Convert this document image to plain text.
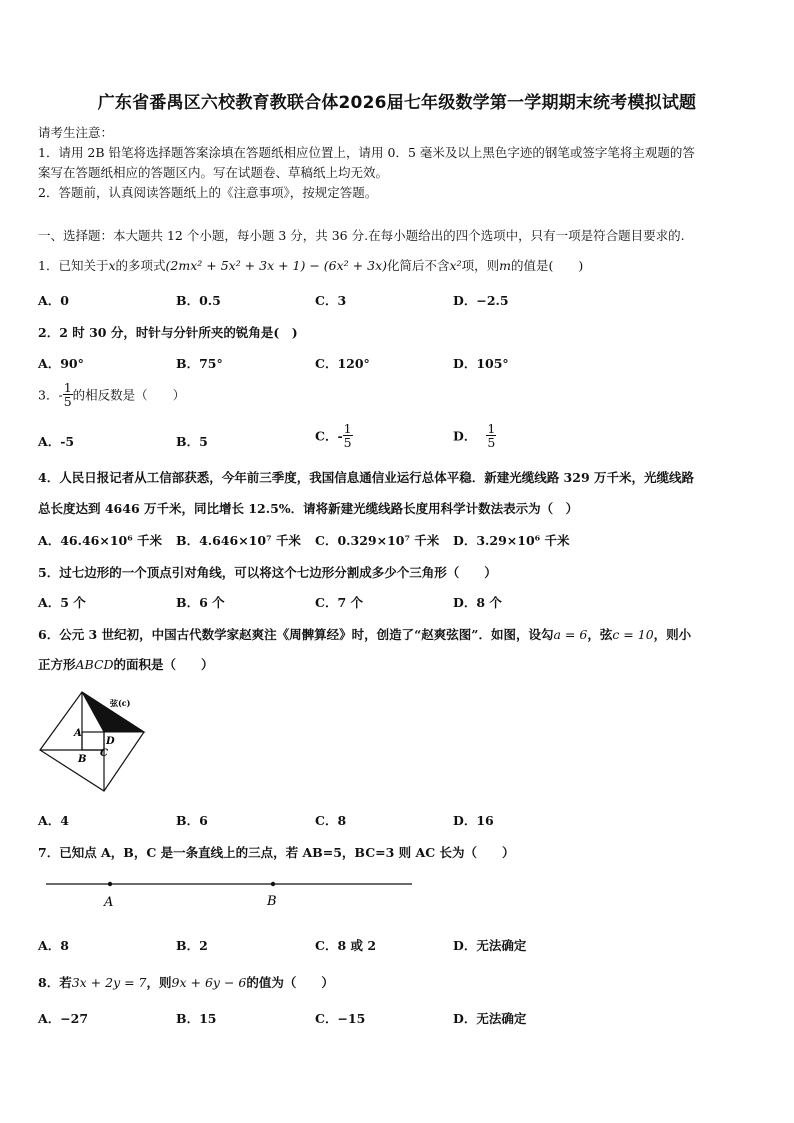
广东省番禺区六校教育教联合体2026届七年级数学第一学期期末统考模拟试题
请考生注意：
1．请用 2B 铅笔将选择题答案涂填在答题纸相应位置上，请用 0．5 毫米及以上黑色字迹的钢笔或签字笔将主观题的答
案写在答题纸相应的答题区内。写在试题卷、草稿纸上均无效。
2．答题前，认真阅读答题纸上的《注意事项》，按规定答题。
一、选择题：本大题共 12 个小题，每小题 3 分，共 36 分.在每小题给出的四个选项中，只有一项是符合题目要求的.
1．已知关于x的多项式(2mx² + 5x² + 3x + 1) − (6x² + 3x)化简后不含x²项，则m的值是(　　)
A．0	B．0.5	C．3	D．−2.5
2．2 时 30 分，时针与分针所夹的锐角是(　)
A．90°	B．75°	C．120°	D．105°
3．- $\frac{1}{5}$ 的相反数是（　　）
A．-5	B．5	C．- $\frac{1}{5}$	D． $\frac{1}{5}$
4．人民日报记者从工信部获悉，今年前三季度，我国信息通信业运行总体平稳．新建光缆线路 329 万千米，光缆线路
总长度达到 4646 万千米，同比增长 12.5%．请将新建光缆线路长度用科学计数法表示为（　）
A．46.46×10⁶ 千米 B．4.646×10⁷ 千米 C．0.329×10⁷ 千米 D．3.29×10⁶ 千米
5．过七边形的一个顶点引对角线，可以将这个七边形分割成多少个三角形（　　）
A．5 个	B．6 个	C．7 个	D．8 个
6．公元 3 世纪初，中国古代数学家赵爽注《周髀算经》时，创造了“赵爽弦图”．如图，设勾a = 6，弦c = 10，则小
正方形ABCD的面积是（　　）
弦(c)
A
D
B
C
A．4	B．6	C．8	D．16
7．已知点 A，B，C 是一条直线上的三点，若 AB=5，BC=3 则 AC 长为（　　）
A	B
A．8	B．2	C．8 或 2	D．无法确定
8．若3x + 2y = 7，则9x + 6y − 6的值为（　　）
A．−27	B．15	C．−15	D．无法确定
